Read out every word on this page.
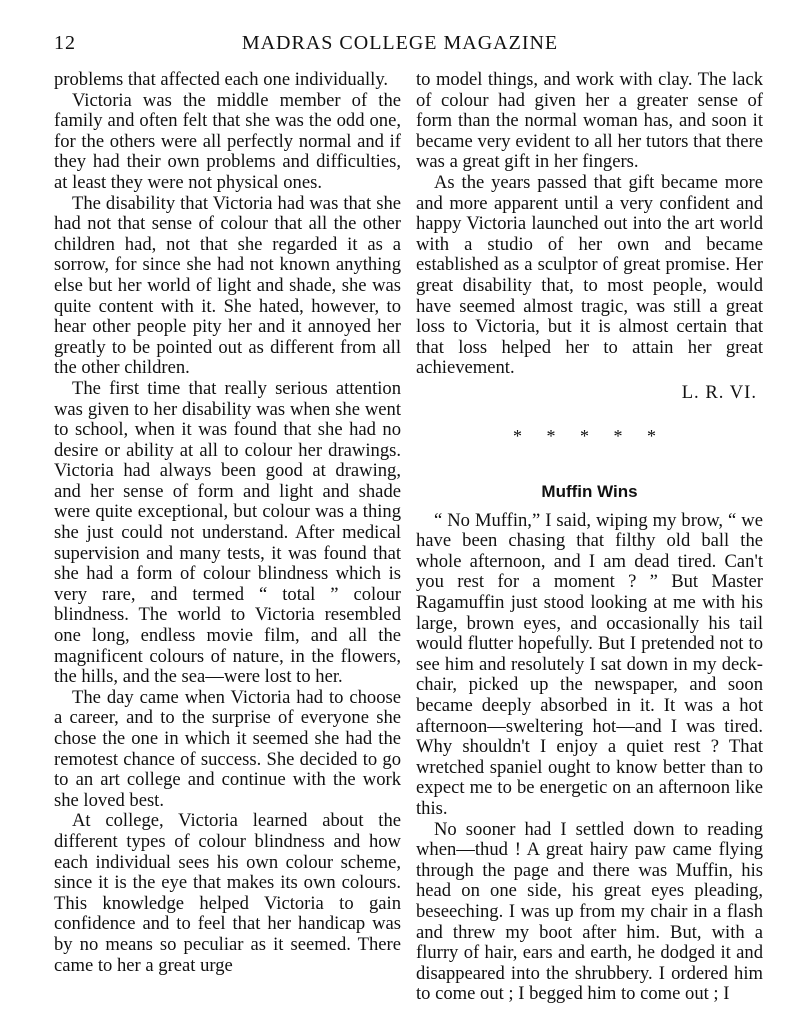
12	MADRAS COLLEGE MAGAZINE

problems that affected each one individually.

Victoria was the middle member of the family and often felt that she was the odd one, for the others were all perfectly normal and if they had their own problems and difficulties, at least they were not physical ones.

The disability that Victoria had was that she had not that sense of colour that all the other children had, not that she regarded it as a sorrow, for since she had not known anything else but her world of light and shade, she was quite content with it. She hated, however, to hear other people pity her and it annoyed her greatly to be pointed out as different from all the other children.

The first time that really serious attention was given to her disability was when she went to school, when it was found that she had no desire or ability at all to colour her drawings. Victoria had always been good at drawing, and her sense of form and light and shade were quite exceptional, but colour was a thing she just could not understand. After medical supervision and many tests, it was found that she had a form of colour blindness which is very rare, and termed “ total ” colour blindness. The world to Victoria resembled one long, endless movie film, and all the magnificent colours of nature, in the flowers, the hills, and the sea—were lost to her.

The day came when Victoria had to choose a career, and to the surprise of everyone she chose the one in which it seemed she had the remotest chance of success. She decided to go to an art college and continue with the work she loved best.

At college, Victoria learned about the different types of colour blindness and how each individual sees his own colour scheme, since it is the eye that makes its own colours. This knowledge helped Victoria to gain confidence and to feel that her handicap was by no means so peculiar as it seemed. There came to her a great urge

to model things, and work with clay. The lack of colour had given her a greater sense of form than the normal woman has, and soon it became very evident to all her tutors that there was a great gift in her fingers.

As the years passed that gift became more and more apparent until a very confident and happy Victoria launched out into the art world with a studio of her own and became established as a sculptor of great promise. Her great disability that, to most people, would have seemed almost tragic, was still a great loss to Victoria, but it is almost certain that that loss helped her to attain her great achievement.

L. R. VI.
* * * * *
Muffin Wins

“ No Muffin,” I said, wiping my brow, “ we have been chasing that filthy old ball the whole afternoon, and I am dead tired. Can't you rest for a moment ? ” But Master Ragamuffin just stood looking at me with his large, brown eyes, and occasionally his tail would flutter hopefully. But I pretended not to see him and resolutely I sat down in my deck-chair, picked up the newspaper, and soon became deeply absorbed in it. It was a hot afternoon—sweltering hot—and I was tired. Why shouldn't I enjoy a quiet rest ? That wretched spaniel ought to know better than to expect me to be energetic on an afternoon like this.

No sooner had I settled down to reading when—thud ! A great hairy paw came flying through the page and there was Muffin, his head on one side, his great eyes pleading, beseeching. I was up from my chair in a flash and threw my boot after him. But, with a flurry of hair, ears and earth, he dodged it and disappeared into the shrubbery. I ordered him to come out ; I begged him to come out ; I
